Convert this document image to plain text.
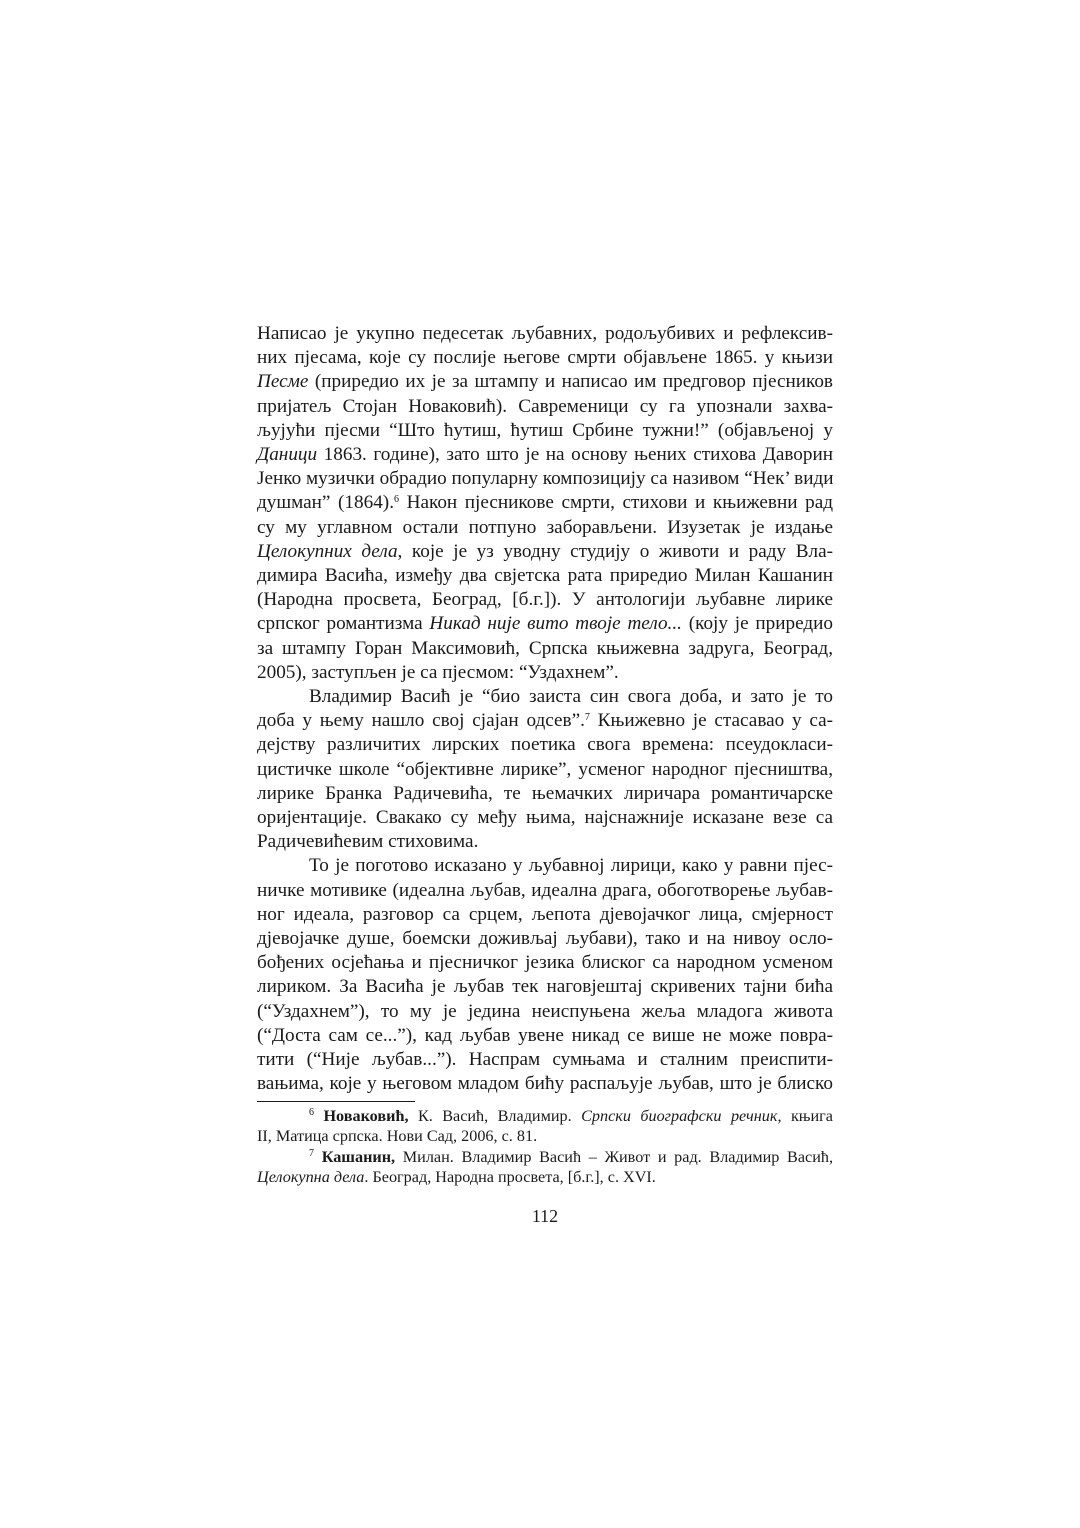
Написао је укупно педесетак љубавних, родољубивих и рефлексив-
них пјесама, које су послије његове смрти објављене 1865. у књизи
Песме (приредио их је за штампу и написао им предговор пјесников
пријатељ Стојан Новаковић). Савременици су га упознали захва-
љујући пјесми “Што ћутиш, ћутиш Србине тужни!” (објављеној у
Даници 1863. године), зато што је на основу њених стихова Даворин
Јенко музички обрадио популарну композицију са називом “Нек’ види
душман” (1864).$^6$ Након пјесникове смрти, стихови и књижевни рад
су му углавном остали потпуно заборављени. Изузетак је издање
Целокупних дела, које је уз уводну студију о животи и раду Вла-
димира Васића, између два свјетска рата приредио Милан Кашанин
(Народна просвета, Београд, [б.г.]). У антологији љубавне лирике
српског романтизма Никад није вито твоје тело... (коју је приредио
за штампу Горан Максимовић, Српска књижевна задруга, Београд,
2005), заступљен је са пјесмом: “Уздахнем”.
Владимир Васић је “био заиста син свога доба, и зато је то
доба у њему нашло свој сјајан одсев”.$^7$ Књижевно је стасавао у са-
дејству различитих лирских поетика свога времена: псеудокласи-
цистичке школе “објективне лирике”, усменог народног пјесништва,
лирике Бранка Радичевића, те њемачких лиричара романтичарске
оријентације. Свакако су међу њима, најснажније исказане везе са
Радичевићевим стиховима.
То је поготово исказано у љубавној лирици, како у равни пјес-
ничке мотивике (идеална љубав, идеална драга, обоготворење љубав-
ног идеала, разговор са срцем, љепота дјевојачког лица, смјерност
дјевојачке душе, боемски доживљај љубави), тако и на нивоу осло-
бођених осјећања и пјесничког језика блиског са народном усменом
лириком. За Васића је љубав тек наговјештај скривених тајни бића
(“Уздахнем”), то му је једина неиспуњена жеља младога живота
(“Доста сам се...”), кад љубав увене никад се више не може повра-
тити (“Није љубав...”). Наспрам сумњама и сталним преиспити-
вањима, које у његовом младом бићу распаљује љубав, што је блиско
$^6$ Новаковић, К. Васић, Владимир. Српски биографски речник, књига
II, Матица српска. Нови Сад, 2006, с. 81.
$^7$ Кашанин, Милан. Владимир Васић – Живот и рад. Владимир Васић,
Целокупна дела. Београд, Народна просвета, [б.г.], с. XVI.
112
